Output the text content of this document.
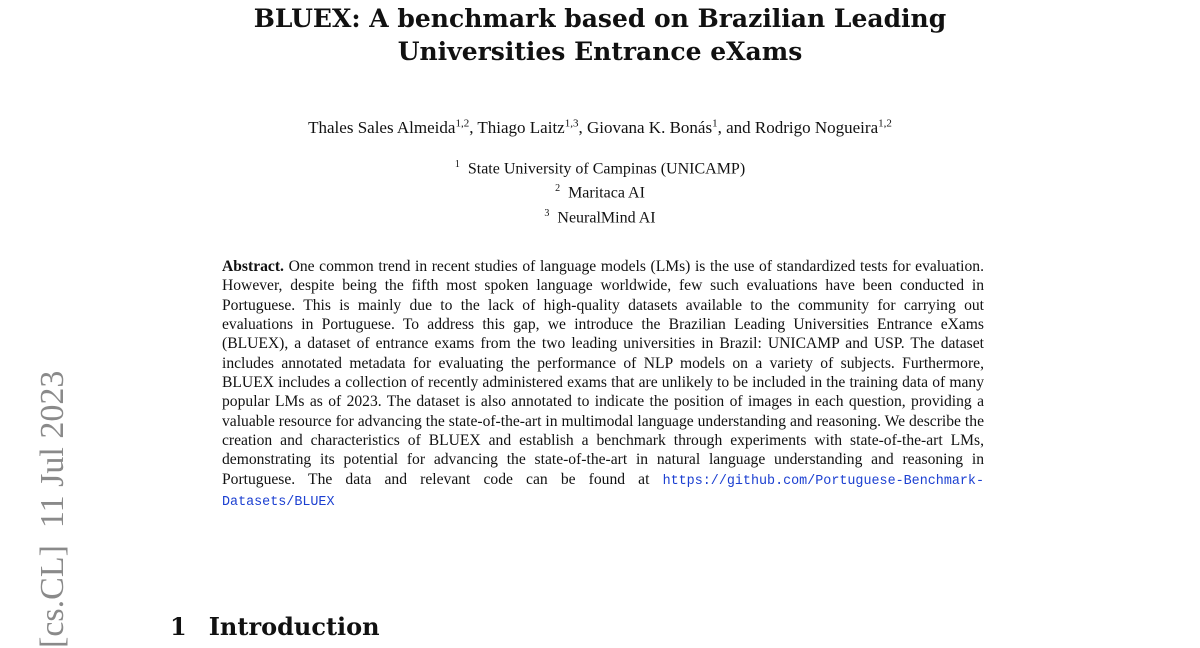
BLUEX: A benchmark based on Brazilian Leading
Universities Entrance eXams
Thales Sales Almeida$^{1,2}$, Thiago Laitz$^{1,3}$, Giovana K. Bonás$^1$, and Rodrigo Nogueira$^{1,2}$
$^1$ State University of Campinas (UNICAMP)
$^2$ Maritaca AI
$^3$ NeuralMind AI
Abstract. One common trend in recent studies of language models (LMs) is the use of standardized tests for evaluation. However, despite being the fifth most spoken language worldwide, few such evaluations have been conducted in Portuguese. This is mainly due to the lack of high-quality datasets available to the community for carrying out evaluations in Portuguese. To address this gap, we introduce the Brazilian Leading Universities Entrance eXams (BLUEX), a dataset of entrance exams from the two leading universities in Brazil: UNICAMP and USP. The dataset includes annotated metadata for evaluating the performance of NLP models on a variety of subjects. Furthermore, BLUEX includes a collection of recently administered exams that are unlikely to be included in the training data of many popular LMs as of 2023. The dataset is also annotated to indicate the position of images in each question, providing a valuable resource for advancing the state-of-the-art in multimodal language understanding and reasoning. We describe the creation and characteristics of BLUEX and establish a benchmark through experiments with state-of-the-art LMs, demonstrating its potential for advancing the state-of-the-art in natural language understanding and reasoning in Portuguese. The data and relevant code can be found at https://github.com/Portuguese-Benchmark-Datasets/BLUEX
1 Introduction
[cs.CL]  11 Jul 2023
